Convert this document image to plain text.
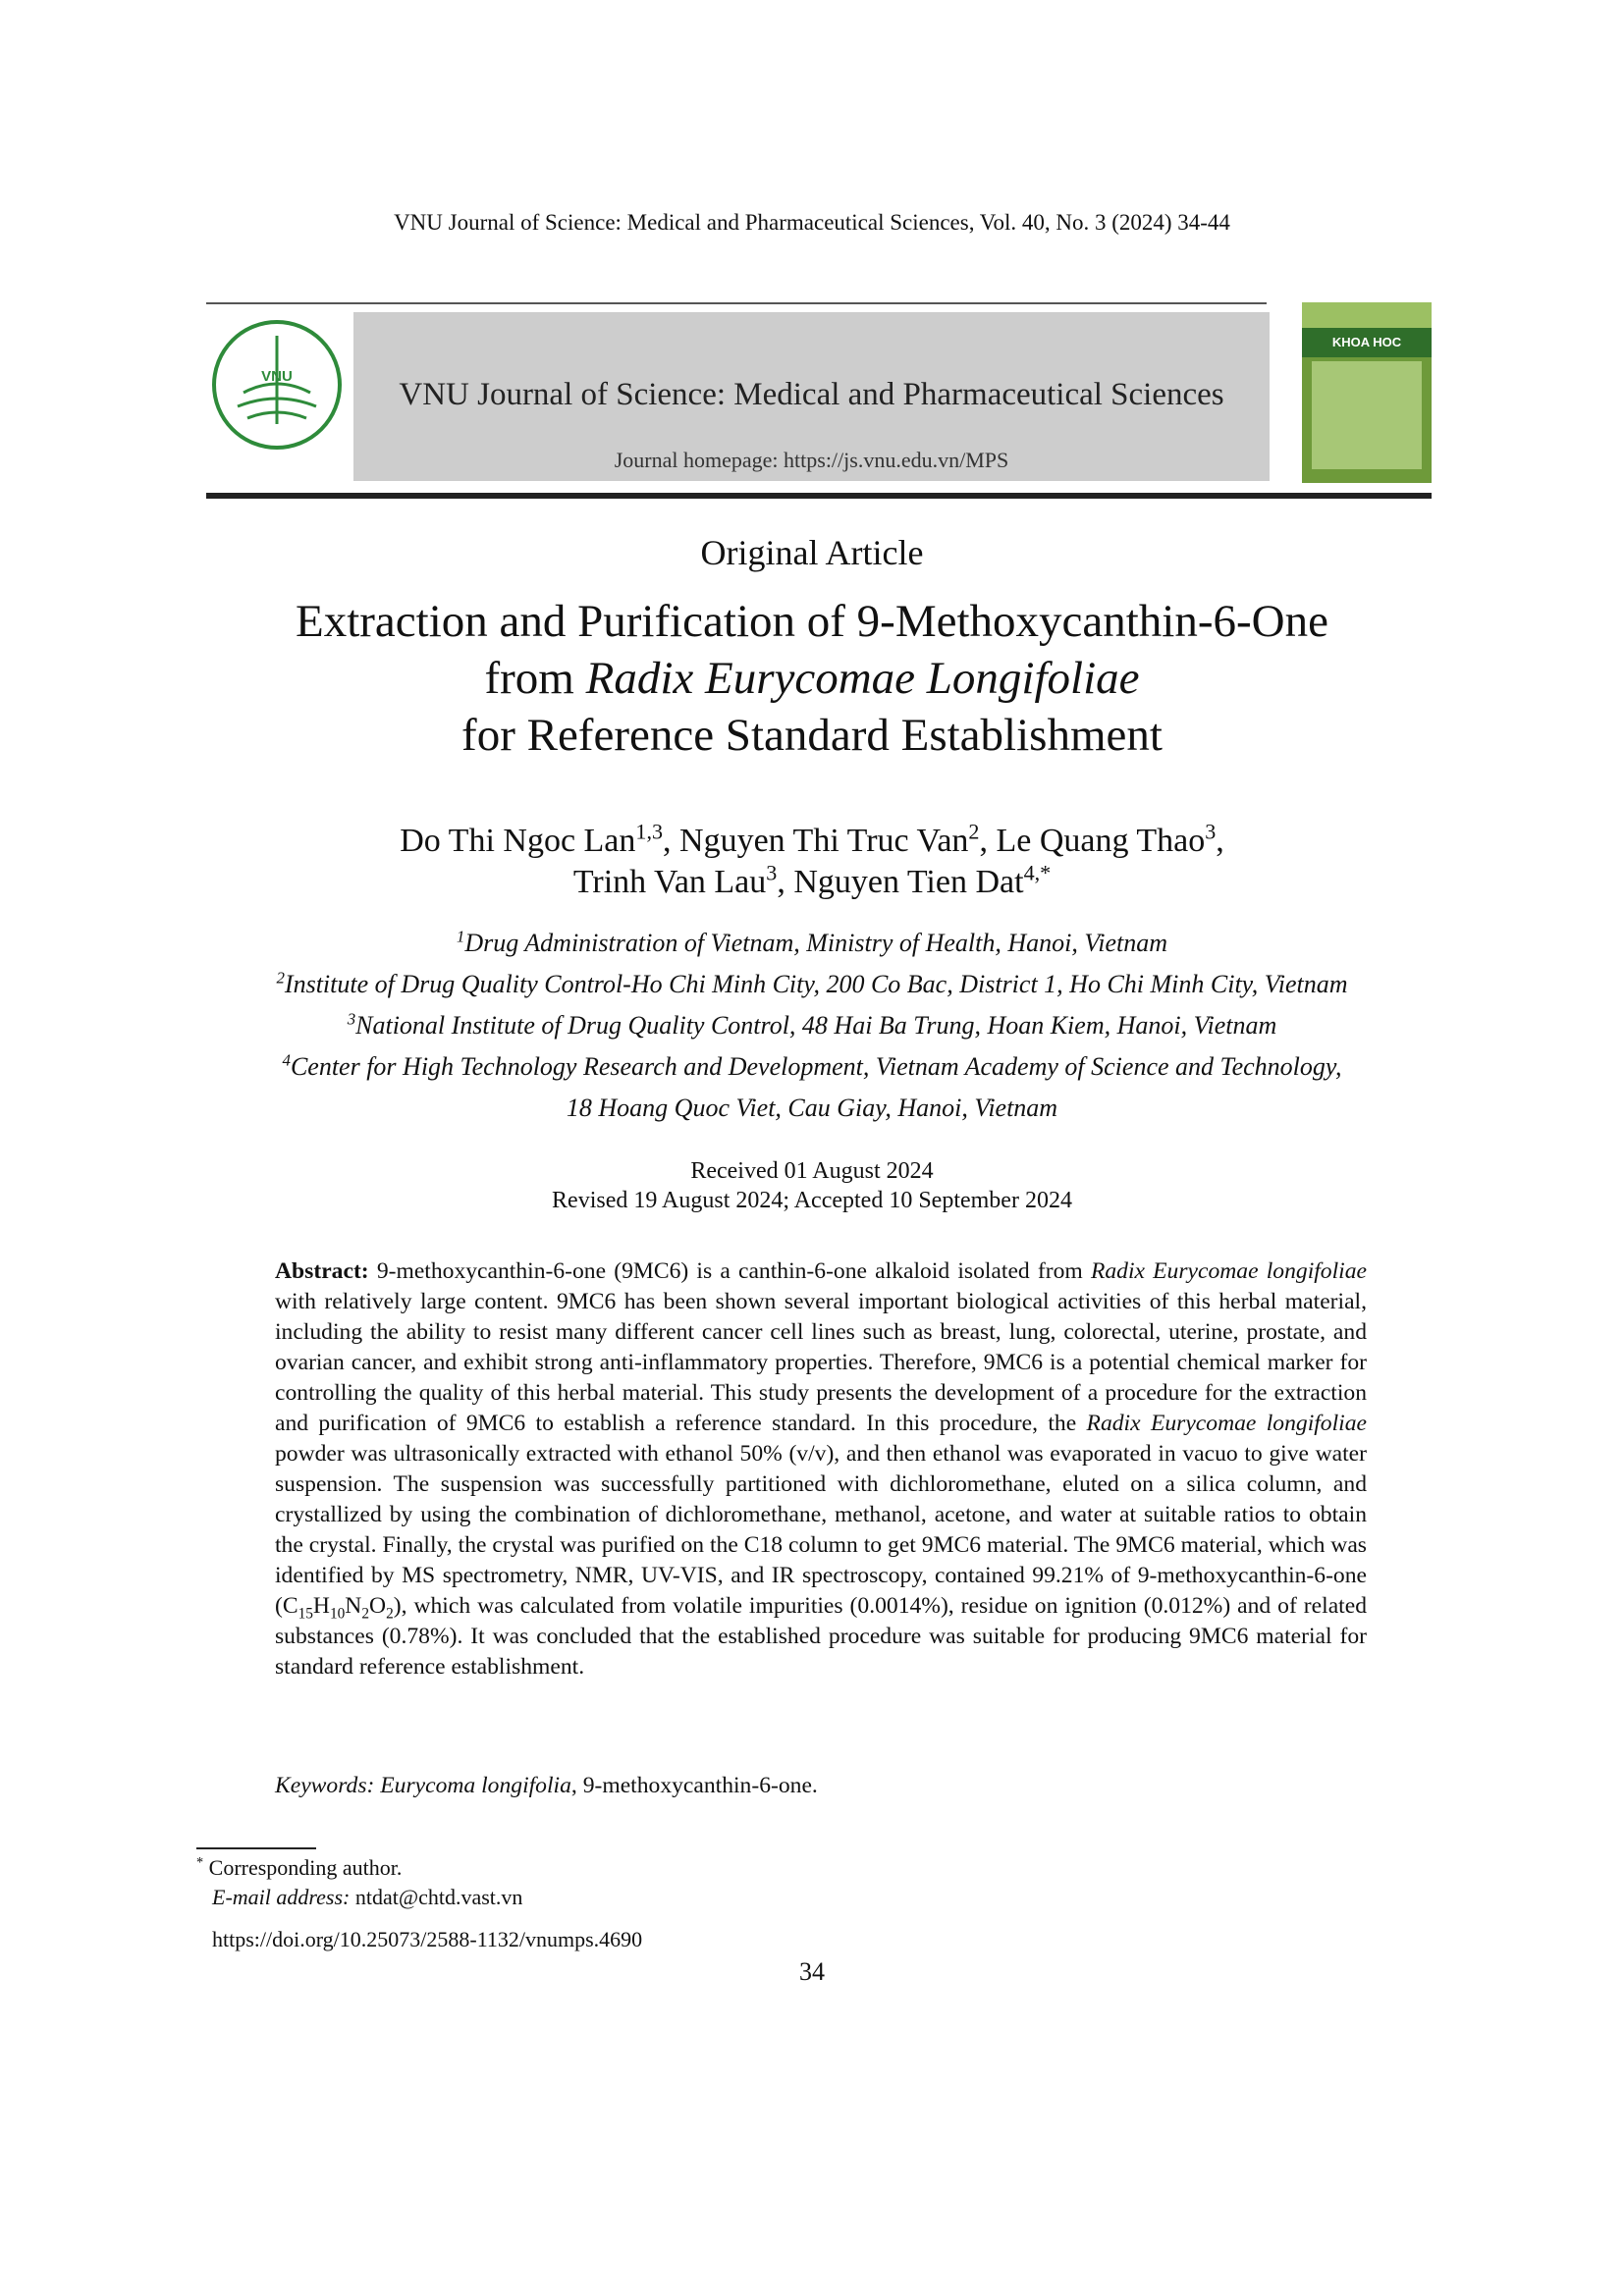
VNU Journal of Science: Medical and Pharmaceutical Sciences, Vol. 40, No. 3 (2024) 34-44
VNU
VNU Journal of Science: Medical and Pharmaceutical Sciences
Journal homepage: https://js.vnu.edu.vn/MPS
KHOA HOC
Original Article
Extraction and Purification of 9-Methoxycanthin-6-One
from Radix Eurycomae Longifoliae
for Reference Standard Establishment
Do Thi Ngoc Lan$^{1,3}$, Nguyen Thi Truc Van$^2$, Le Quang Thao$^3$,
Trinh Van Lau$^3$, Nguyen Tien Dat$^{4,*}$
$^1$Drug Administration of Vietnam, Ministry of Health, Hanoi, Vietnam
$^2$Institute of Drug Quality Control-Ho Chi Minh City, 200 Co Bac, District 1, Ho Chi Minh City, Vietnam
$^3$National Institute of Drug Quality Control, 48 Hai Ba Trung, Hoan Kiem, Hanoi, Vietnam
$^4$Center for High Technology Research and Development, Vietnam Academy of Science and Technology,
18 Hoang Quoc Viet, Cau Giay, Hanoi, Vietnam
Received 01 August 2024
Revised 19 August 2024; Accepted 10 September 2024
Abstract: 9-methoxycanthin-6-one (9MC6) is a canthin-6-one alkaloid isolated from Radix Eurycomae longifoliae with relatively large content. 9MC6 has been shown several important biological activities of this herbal material, including the ability to resist many different cancer cell lines such as breast, lung, colorectal, uterine, prostate, and ovarian cancer, and exhibit strong anti-inflammatory properties. Therefore, 9MC6 is a potential chemical marker for controlling the quality of this herbal material. This study presents the development of a procedure for the extraction and purification of 9MC6 to establish a reference standard. In this procedure, the Radix Eurycomae longifoliae powder was ultrasonically extracted with ethanol 50% (v/v), and then ethanol was evaporated in vacuo to give water suspension. The suspension was successfully partitioned with dichloromethane, eluted on a silica column, and crystallized by using the combination of dichloromethane, methanol, acetone, and water at suitable ratios to obtain the crystal. Finally, the crystal was purified on the C18 column to get 9MC6 material. The 9MC6 material, which was identified by MS spectrometry, NMR, UV-VIS, and IR spectroscopy, contained 99.21% of 9-methoxycanthin-6-one $(C_{15}H_{10}N_2O_2)$, which was calculated from volatile impurities (0.0014%), residue on ignition (0.012%) and of related substances (0.78%). It was concluded that the established procedure was suitable for producing 9MC6 material for standard reference establishment.
Keywords: Eurycoma longifolia, 9-methoxycanthin-6-one.
* Corresponding author.
E-mail address: ntdat@chtd.vast.vn
https://doi.org/10.25073/2588-1132/vnumps.4690
34
